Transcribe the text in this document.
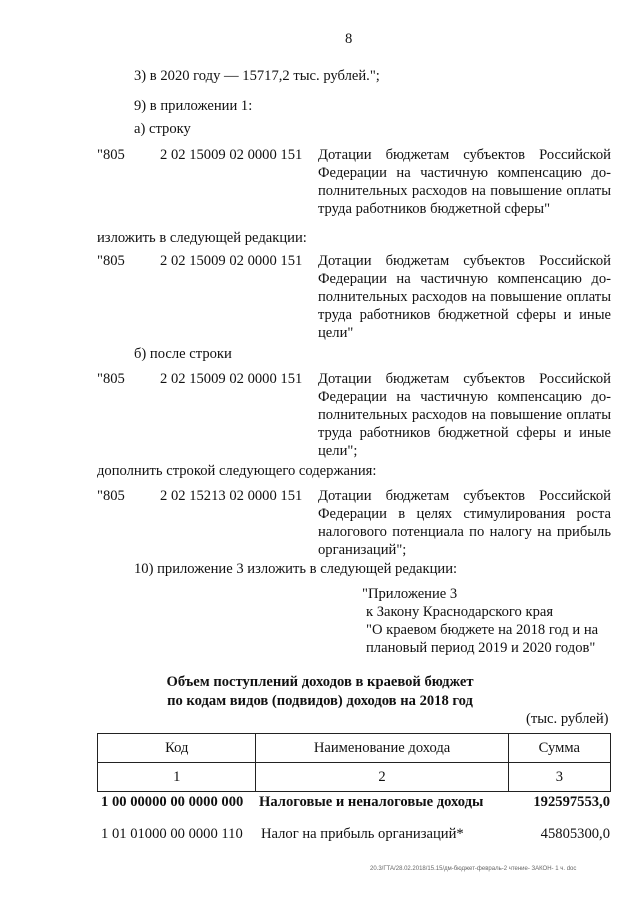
8
3) в 2020 году — 15717,2 тыс. рублей.";
9) в приложении 1:
а) строку
"805 2 02 15009 02 0000 151 Дотации бюджетам субъектов Российской Федерации на частичную компенсацию дополнительных расходов на повышение оплаты труда работников бюджетной сферы"
изложить в следующей редакции:
"805 2 02 15009 02 0000 151 Дотации бюджетам субъектов Российской Федерации на частичную компенсацию дополнительных расходов на повышение оплаты труда работников бюджетной сферы и иные цели"
б) после строки
"805 2 02 15009 02 0000 151 Дотации бюджетам субъектов Российской Федерации на частичную компенсацию дополнительных расходов на повышение оплаты труда работников бюджетной сферы и иные цели";
дополнить строкой следующего содержания:
"805 2 02 15213 02 0000 151 Дотации бюджетам субъектов Российской Федерации в целях стимулирования роста налогового потенциала по налогу на прибыль организаций";
10) приложение 3 изложить в следующей редакции:
"Приложение 3
к Закону Краснодарского края
"О краевом бюджете на 2018 год и на
плановый период 2019 и 2020 годов"
Объем поступлений доходов в краевой бюджет
по кодам видов (подвидов) доходов на 2018 год
(тыс. рублей)
Код	Наименование дохода	Сумма
1	2	3
1 00 00000 00 0000 000 Налоговые и неналоговые доходы	192597553,0
1 01 01000 00 0000 110 Налог на прибыль организаций*	45805300,0
20.3/ГТА/28.02.2018/15.15/дм-бюджет-февраль-2 чтение- ЗАКОН- 1 ч. doc
